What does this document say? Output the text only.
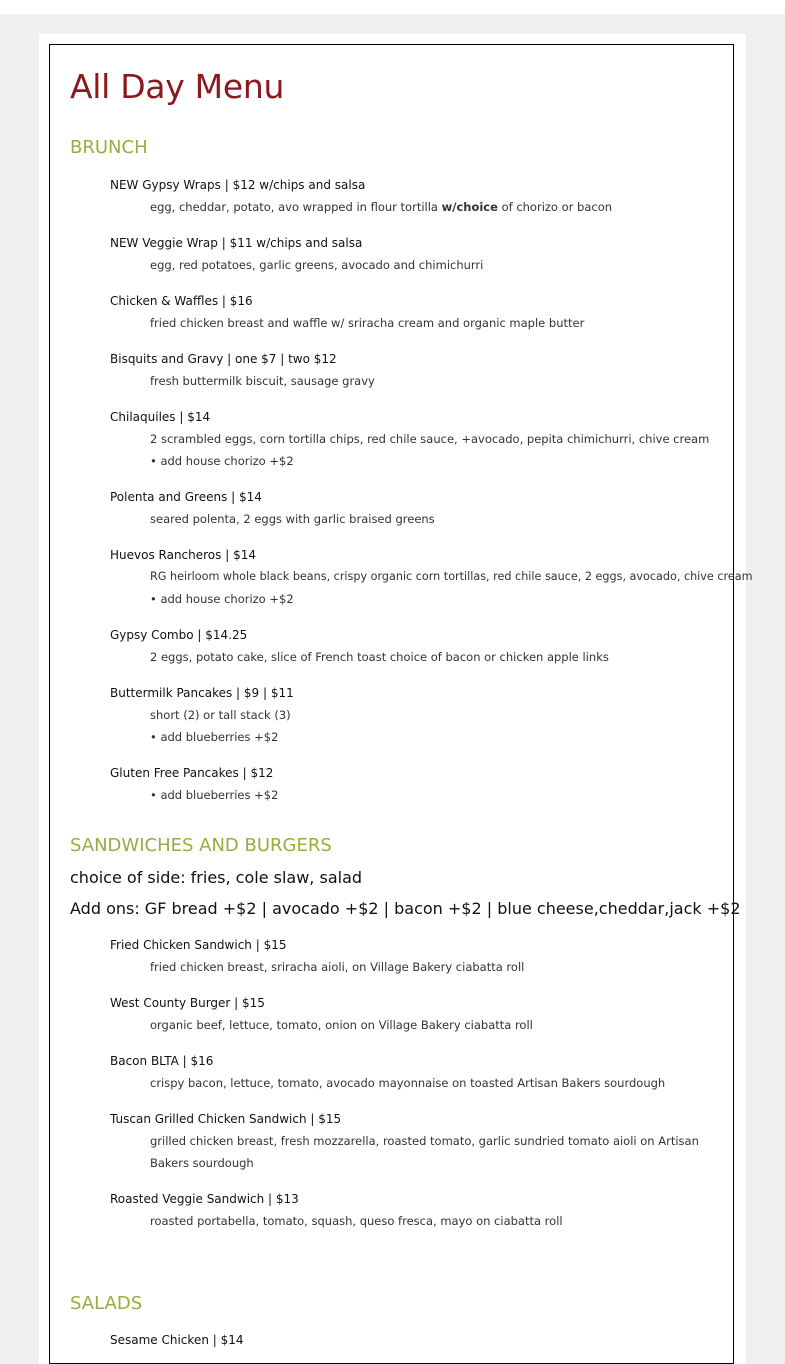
All Day Menu
BRUNCH
NEW Gypsy Wraps | $12 w/chips and salsa
egg, cheddar, potato, avo wrapped in flour tortilla w/choice of chorizo or bacon
NEW Veggie Wrap | $11 w/chips and salsa
egg, red potatoes, garlic greens, avocado and chimichurri
Chicken & Waffles | $16
fried chicken breast and waffle w/ sriracha cream and organic maple butter
Bisquits and Gravy | one $7 | two $12
fresh buttermilk biscuit, sausage gravy
Chilaquiles | $14
2 scrambled eggs, corn tortilla chips, red chile sauce, +avocado, pepita chimichurri, chive cream
• add house chorizo +$2
Polenta and Greens | $14
seared polenta, 2 eggs with garlic braised greens
Huevos Rancheros | $14
RG heirloom whole black beans, crispy organic corn tortillas, red chile sauce, 2 eggs, avocado, chive cream
• add house chorizo +$2
Gypsy Combo | $14.25
2 eggs, potato cake, slice of French toast choice of bacon or chicken apple links
Buttermilk Pancakes | $9 | $11
short (2) or tall stack (3)
• add blueberries +$2
Gluten Free Pancakes | $12
• add blueberries +$2
SANDWICHES AND BURGERS

choice of side: fries, cole slaw, salad

Add ons: GF bread +$2 | avocado +$2 | bacon +$2 | blue cheese,cheddar,jack +$2

Fried Chicken Sandwich | $15
fried chicken breast, sriracha aioli, on Village Bakery ciabatta roll
West County Burger | $15
organic beef, lettuce, tomato, onion on Village Bakery ciabatta roll
Bacon BLTA | $16
crispy bacon, lettuce, tomato, avocado mayonnaise on toasted Artisan Bakers sourdough
Tuscan Grilled Chicken Sandwich | $15
grilled chicken breast, fresh mozzarella, roasted tomato, garlic sundried tomato aioli on Artisan Bakers sourdough
Roasted Veggie Sandwich | $13
roasted portabella, tomato, squash, queso fresca, mayo on ciabatta roll
SALADS
Sesame Chicken | $14
